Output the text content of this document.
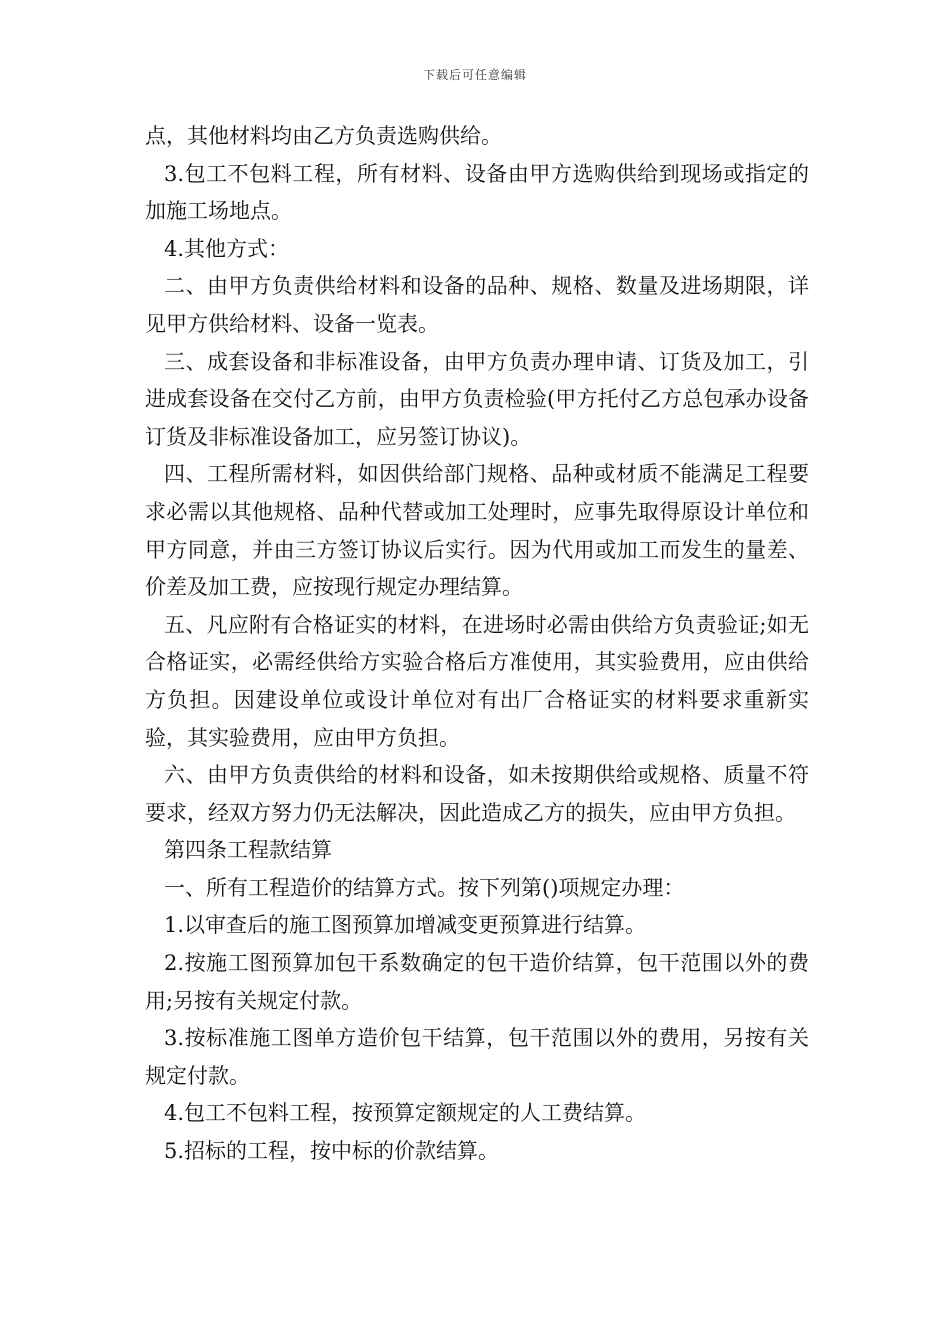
下载后可任意编辑

点，其他材料均由乙方负责选购供给。

3.包工不包料工程，所有材料、设备由甲方选购供给到现场或指定的加施工场地点。

4.其他方式：

二、由甲方负责供给材料和设备的品种、规格、数量及进场期限，详见甲方供给材料、设备一览表。

三、成套设备和非标准设备，由甲方负责办理申请、订货及加工，引进成套设备在交付乙方前，由甲方负责检验(甲方托付乙方总包承办设备订货及非标准设备加工，应另签订协议)。

四、工程所需材料，如因供给部门规格、品种或材质不能满足工程要求必需以其他规格、品种代替或加工处理时，应事先取得原设计单位和甲方同意，并由三方签订协议后实行。因为代用或加工而发生的量差、价差及加工费，应按现行规定办理结算。

五、凡应附有合格证实的材料，在进场时必需由供给方负责验证;如无合格证实，必需经供给方实验合格后方准使用，其实验费用，应由供给方负担。因建设单位或设计单位对有出厂合格证实的材料要求重新实验，其实验费用，应由甲方负担。

六、由甲方负责供给的材料和设备，如未按期供给或规格、质量不符要求，经双方努力仍无法解决，因此造成乙方的损失，应由甲方负担。

第四条工程款结算

一、所有工程造价的结算方式。按下列第()项规定办理：

1.以审查后的施工图预算加增减变更预算进行结算。

2.按施工图预算加包干系数确定的包干造价结算，包干范围以外的费用;另按有关规定付款。

3.按标准施工图单方造价包干结算，包干范围以外的费用，另按有关规定付款。

4.包工不包料工程，按预算定额规定的人工费结算。

5.招标的工程，按中标的价款结算。
